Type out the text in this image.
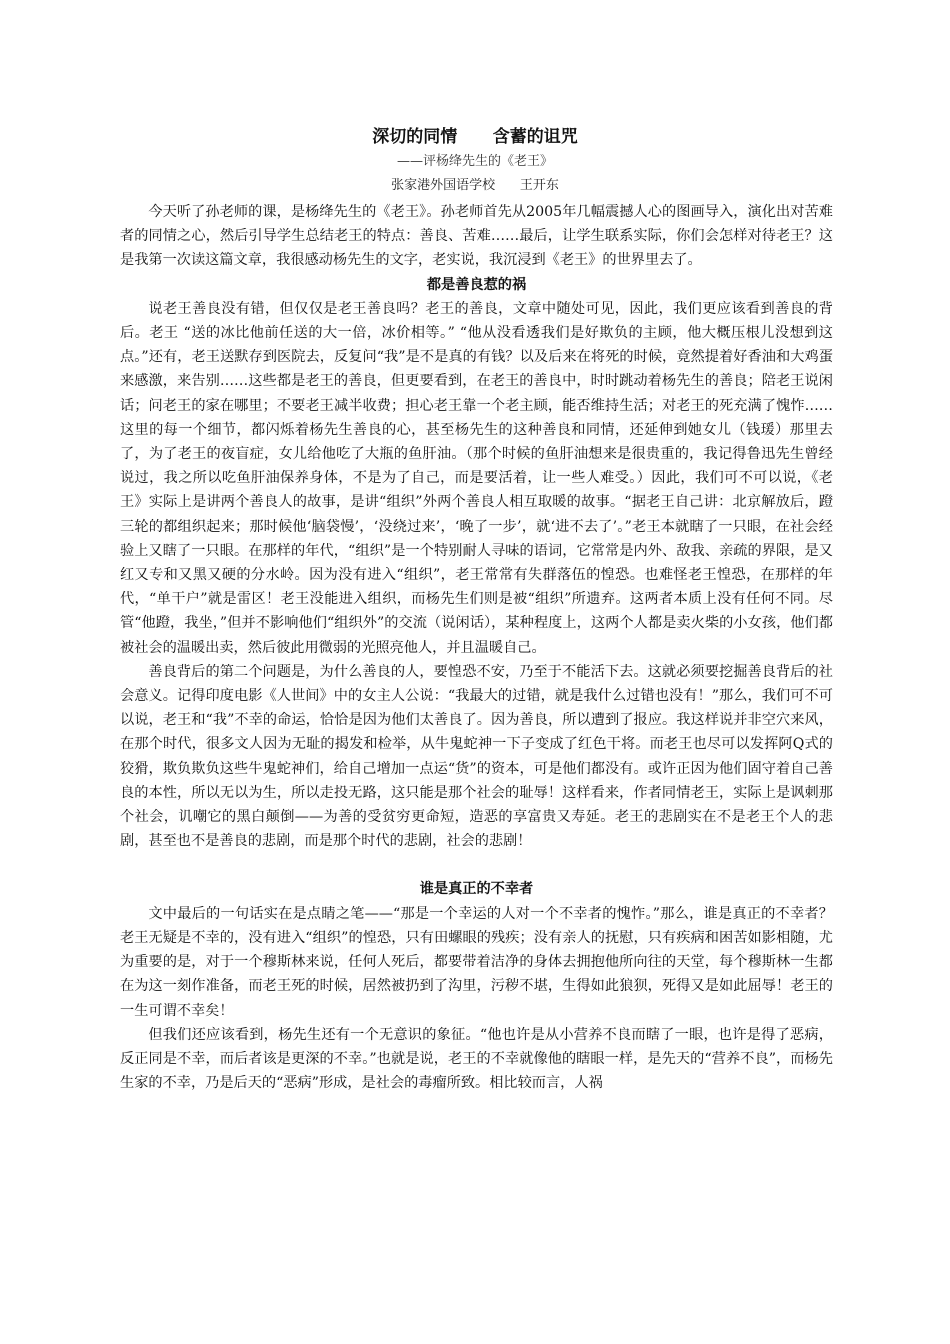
深切的同情      含蓄的诅咒
——评杨绛先生的《老王》
张家港外国语学校      王开东

今天听了孙老师的课，是杨绛先生的《老王》。孙老师首先从2005年几幅震撼人心的图画导入，演化出对苦难者的同情之心，然后引导学生总结老王的特点：善良、苦难……最后，让学生联系实际，你们会怎样对待老王？这是我第一次读这篇文章，我很感动杨先生的文字，老实说，我沉浸到《老王》的世界里去了。

都是善良惹的祸

说老王善良没有错，但仅仅是老王善良吗？老王的善良，文章中随处可见，因此，我们更应该看到善良的背后。老王 “送的冰比他前任送的大一倍，冰价相等。” “他从没看透我们是好欺负的主顾，他大概压根儿没想到这点。”还有，老王送默存到医院去，反复问“我”是不是真的有钱？以及后来在将死的时候，竟然提着好香油和大鸡蛋来感激，来告别……这些都是老王的善良，但更要看到，在老王的善良中，时时跳动着杨先生的善良；陪老王说闲话；问老王的家在哪里；不要老王减半收费；担心老王靠一个老主顾，能否维持生活；对老王的死充满了愧怍……这里的每一个细节，都闪烁着杨先生善良的心，甚至杨先生的这种善良和同情，还延伸到她女儿（钱瑗）那里去了，为了老王的夜盲症，女儿给他吃了大瓶的鱼肝油。（那个时候的鱼肝油想来是很贵重的，我记得鲁迅先生曾经说过，我之所以吃鱼肝油保养身体，不是为了自己，而是要活着，让一些人难受。）因此，我们可不可以说，《老王》实际上是讲两个善良人的故事，是讲“组织”外两个善良人相互取暖的故事。“据老王自己讲：北京解放后，蹬三轮的都组织起来；那时候他‘脑袋慢’，‘没绕过来’，‘晚了一步’，就‘进不去了’。”老王本就瞎了一只眼，在社会经验上又瞎了一只眼。在那样的年代，“组织”是一个特别耐人寻味的语词，它常常是内外、敌我、亲疏的界限，是又红又专和又黑又硬的分水岭。因为没有进入“组织”，老王常常有失群落伍的惶恐。也难怪老王惶恐，在那样的年代，“单干户”就是雷区！老王没能进入组织，而杨先生们则是被“组织”所遗弃。这两者本质上没有任何不同。尽管“他蹬，我坐，”但并不影响他们“组织外”的交流（说闲话），某种程度上，这两个人都是卖火柴的小女孩，他们都被社会的温暖出卖，然后彼此用微弱的光照亮他人，并且温暖自己。

善良背后的第二个问题是，为什么善良的人，要惶恐不安，乃至于不能活下去。这就必须要挖掘善良背后的社会意义。记得印度电影《人世间》中的女主人公说：“我最大的过错，就是我什么过错也没有！”那么，我们可不可以说，老王和“我”不幸的命运，恰恰是因为他们太善良了。因为善良，所以遭到了报应。我这样说并非空穴来风，在那个时代，很多文人因为无耻的揭发和检举，从牛鬼蛇神一下子变成了红色干将。而老王也尽可以发挥阿Q式的狡猾，欺负欺负这些牛鬼蛇神们，给自己增加一点运“货”的资本，可是他们都没有。或许正因为他们固守着自己善良的本性，所以无以为生，所以走投无路，这只能是那个社会的耻辱！这样看来，作者同情老王，实际上是讽刺那个社会，讥嘲它的黑白颠倒——为善的受贫穷更命短，造恶的享富贵又寿延。老王的悲剧实在不是老王个人的悲剧，甚至也不是善良的悲剧，而是那个时代的悲剧，社会的悲剧！

谁是真正的不幸者

文中最后的一句话实在是点睛之笔——“那是一个幸运的人对一个不幸者的愧怍。”那么，谁是真正的不幸者？老王无疑是不幸的，没有进入“组织”的惶恐，只有田螺眼的残疾；没有亲人的抚慰，只有疾病和困苦如影相随，尤为重要的是，对于一个穆斯林来说，任何人死后，都要带着洁净的身体去拥抱他所向往的天堂，每个穆斯林一生都在为这一刻作准备，而老王死的时候，居然被扔到了沟里，污秽不堪，生得如此狼狈，死得又是如此屈辱！老王的一生可谓不幸矣！

但我们还应该看到，杨先生还有一个无意识的象征。“他也许是从小营养不良而瞎了一眼，也许是得了恶病，反正同是不幸，而后者该是更深的不幸。”也就是说，老王的不幸就像他的瞎眼一样，是先天的“营养不良”，而杨先生家的不幸，乃是后天的“恶病”形成，是社会的毒瘤所致。相比较而言，人祸
